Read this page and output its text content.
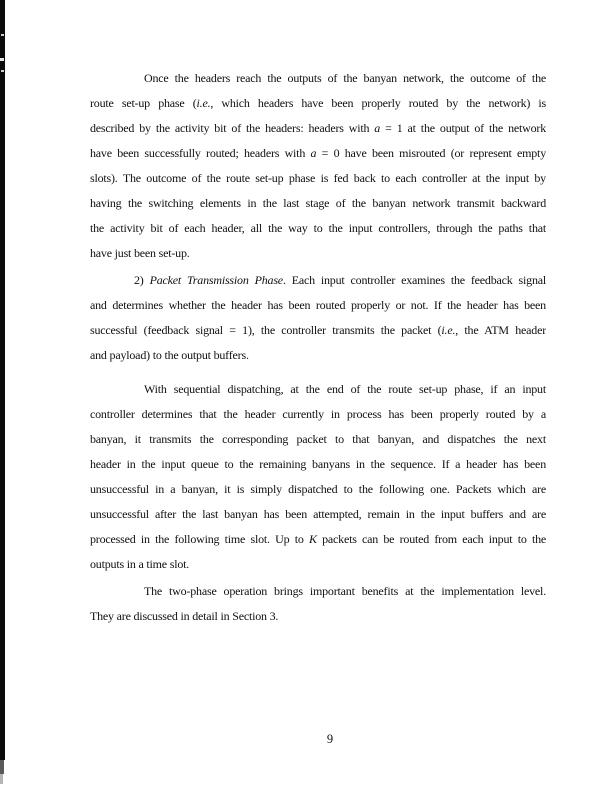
Once the headers reach the outputs of the banyan network, the outcome of the
route set-up phase (i.e., which headers have been properly routed by the network) is
described by the activity bit of the headers: headers with a = 1 at the output of the network
have been successfully routed; headers with a = 0 have been misrouted (or represent empty
slots). The outcome of the route set-up phase is fed back to each controller at the input by
having the switching elements in the last stage of the banyan network transmit backward
the activity bit of each header, all the way to the input controllers, through the paths that
have just been set-up.
2) Packet Transmission Phase. Each input controller examines the feedback signal
and determines whether the header has been routed properly or not. If the header has been
successful (feedback signal = 1), the controller transmits the packet (i.e., the ATM header
and payload) to the output buffers.
With sequential dispatching, at the end of the route set-up phase, if an input
controller determines that the header currently in process has been properly routed by a
banyan, it transmits the corresponding packet to that banyan, and dispatches the next
header in the input queue to the remaining banyans in the sequence. If a header has been
unsuccessful in a banyan, it is simply dispatched to the following one. Packets which are
unsuccessful after the last banyan has been attempted, remain in the input buffers and are
processed in the following time slot. Up to K packets can be routed from each input to the
outputs in a time slot.
The two-phase operation brings important benefits at the implementation level.
They are discussed in detail in Section 3.
9
